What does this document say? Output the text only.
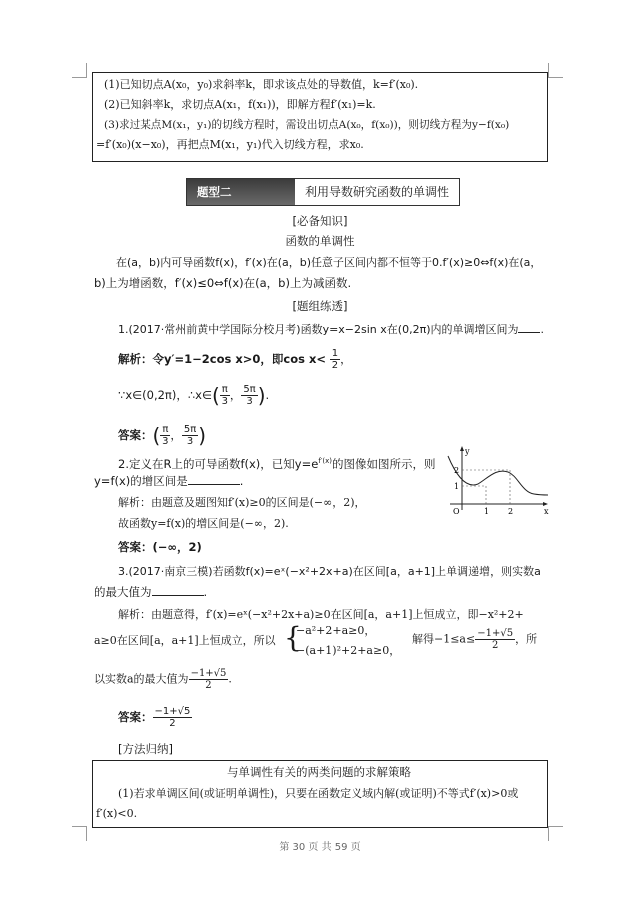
(1)已知切点A(x₀，y₀)求斜率k，即求该点处的导数值，k=f′(x₀).
(2)已知斜率k，求切点A(x₁，f(x₁))，即解方程f′(x₁)=k.
(3)求过某点M(x₁，y₁)的切线方程时，需设出切点A(x₀，f(x₀))，则切线方程为y−f(x₀)
=f′(x₀)(x−x₀)，再把点M(x₁，y₁)代入切线方程，求x₀.
题型二	利用导数研究函数的单调性
[必备知识]
函数的单调性
在(a，b)内可导函数f(x)，f′(x)在(a，b)任意子区间内都不恒等于0.f′(x)≥0⇔f(x)在(a，
b)上为增函数，f′(x)≤0⇔f(x)在(a，b)上为减函数.
[题组练透]
1.(2017·常州前黄中学国际分校月考)函数y=x−2sin x在(0,2π)内的单调增区间为 .
解析：令y′=1−2cos x>0，即$\cos x< \frac{1}{2}$ ，
∵x∈(0,2π)，∴x∈( $\frac{\pi}{3}$ ， $\frac{5\pi}{3}$ ).
答案：( $\frac{\pi}{3}$ ， $\frac{5\pi}{3}$ )
2.定义在R上的可导函数f(x)，已知$y=e^{f'(x)}$的图像如图所示，则
y=f(x)的增区间是	.
解析：由题意及题图知f′(x)≥0的区间是(−∞，2)，
故函数y=f(x)的增区间是(−∞，2).
答案：(−∞，2)
y
x
O	1 2
1
2
3.(2017·南京三模)若函数f(x)=eˣ(−x²+2x+a)在区间[a，a+1]上单调递增，则实数a
的最大值为	.
解析：由题意得，f′(x)=eˣ(−x²+2x+a)≥0在区间[a，a+1]上恒成立，即−x²+2+
a≥0在区间[a，a+1]上恒成立，所以 {
−a²+2+a≥0，
−(a+1)²+2+a≥0，
解得$-1\le a\le \frac{-1+√5}{2}$ ，所
以实数a的最大值为 $\frac{-1+√5}{2}$ .
答案： $\frac{-1+√5}{2}$
[方法归纳]
与单调性有关的两类问题的求解策略
(1)若求单调区间(或证明单调性)，只要在函数定义域内解(或证明)不等式f′(x)>0或
f′(x)<0.
第 30 页 共 59 页
